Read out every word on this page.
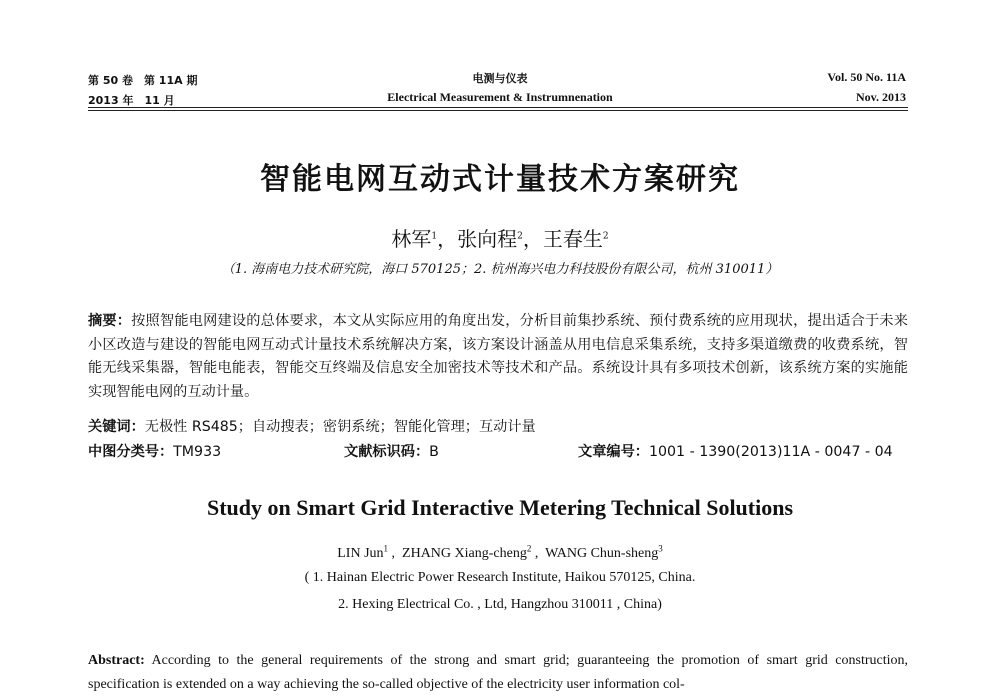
第 50 卷　第 11A 期
2013 年　11 月
电测与仪表
Electrical Measurement & Instrumnenation
Vol. 50 No. 11A
Nov. 2013
智能电网互动式计量技术方案研究
林军$^1$，张向程$^2$，王春生$^2$
（1. 海南电力技术研究院，海口 570125；2. 杭州海兴电力科技股份有限公司，杭州 310011）
摘要：按照智能电网建设的总体要求，本文从实际应用的角度出发，分析目前集抄系统、预付费系统的应用现状，提出适合于未来小区改造与建设的智能电网互动式计量技术系统解决方案，该方案设计涵盖从用电信息采集系统，支持多渠道缴费的收费系统，智能无线采集器，智能电能表，智能交互终端及信息安全加密技术等技术和产品。系统设计具有多项技术创新，该系统方案的实施能实现智能电网的互动计量。
关键词：无极性 RS485；自动搜表；密钥系统；智能化管理；互动计量
中图分类号：TM933	文献标识码：B	文章编号：1001 - 1390(2013)11A - 0047 - 04
Study on Smart Grid Interactive Metering Technical Solutions
LIN Jun$^1$ ,  ZHANG Xiang-cheng$^2$ ,  WANG Chun-sheng$^3$
( 1. Hainan Electric Power Research Institute, Haikou 570125, China.
2. Hexing Electrical Co. , Ltd, Hangzhou 310011 , China)
Abstract: According to the general requirements of the strong and smart grid; guaranteeing the promotion of smart grid construction, specification is extended on a way achieving the so-called objective of the electricity user information col-
